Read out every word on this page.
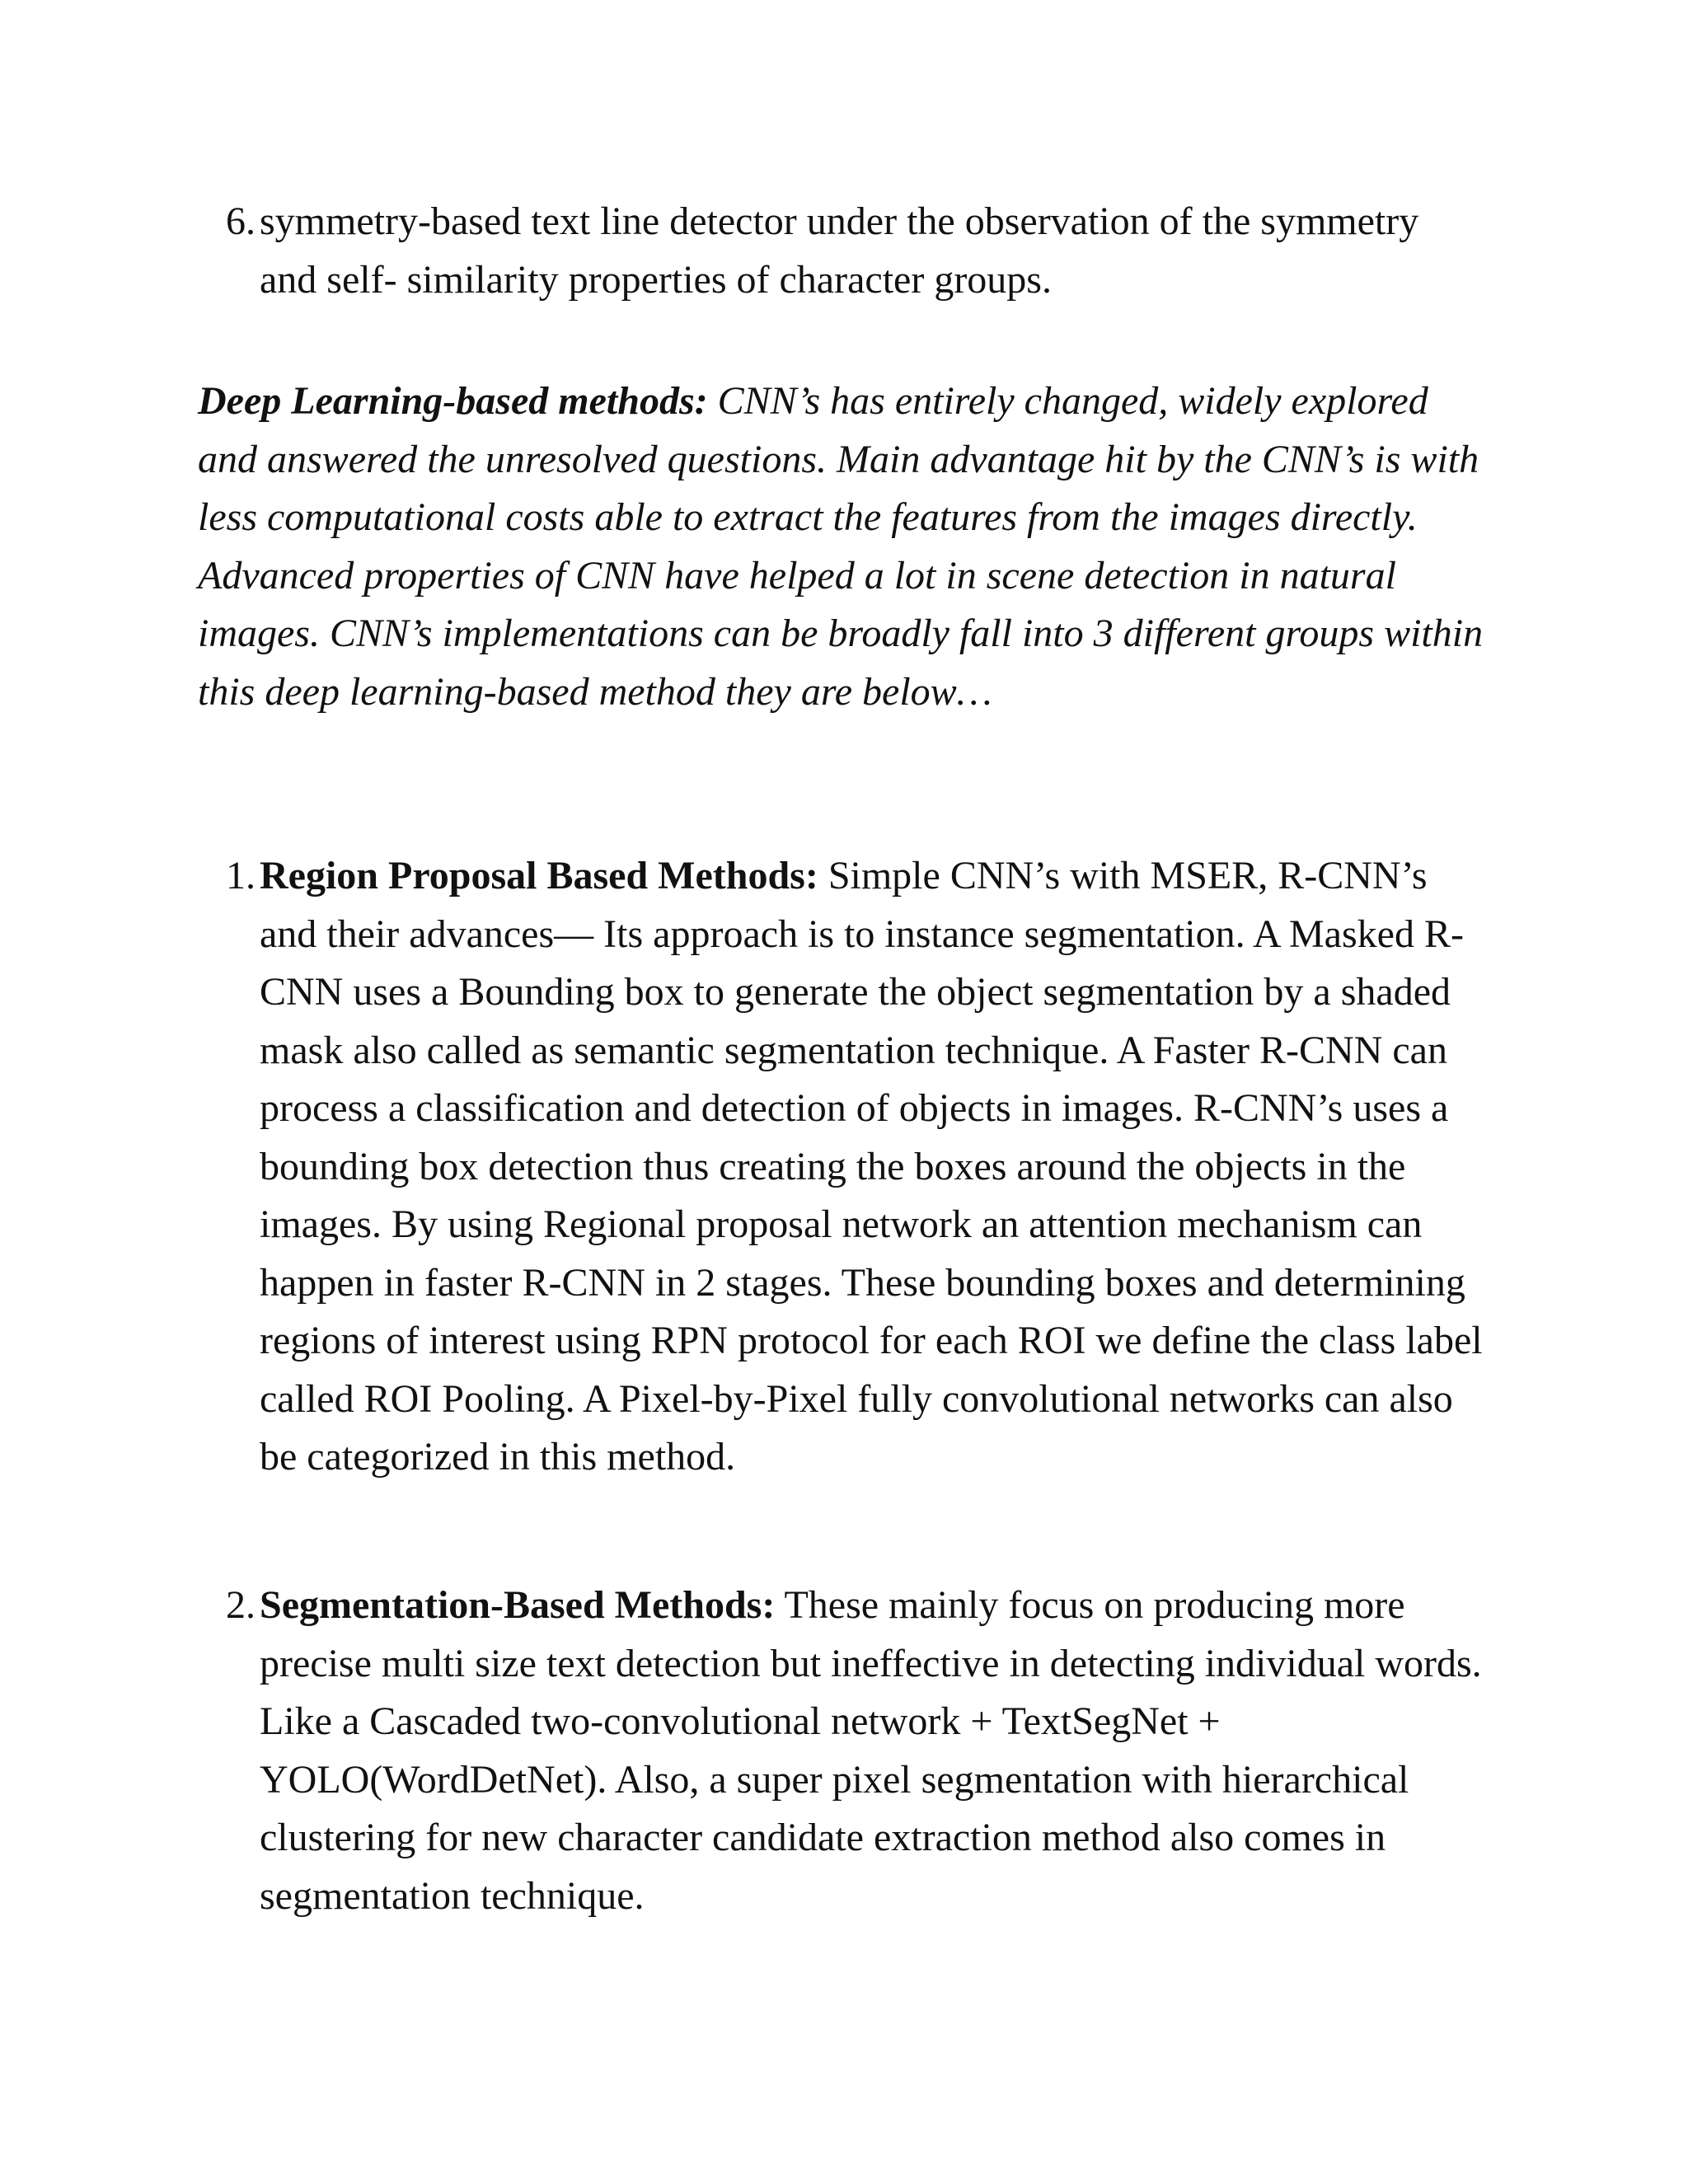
6. symmetry-based text line detector under the observation of the symmetry and self- similarity properties of character groups.
Deep Learning-based methods: CNN’s has entirely changed, widely explored and answered the unresolved questions. Main advantage hit by the CNN’s is with less computational costs able to extract the features from the images directly. Advanced properties of CNN have helped a lot in scene detection in natural images. CNN’s implementations can be broadly fall into 3 different groups within this deep learning-based method they are below…
1. Region Proposal Based Methods: Simple CNN’s with MSER, R-CNN’s and their advances— Its approach is to instance segmentation. A Masked R-CNN uses a Bounding box to generate the object segmentation by a shaded mask also called as semantic segmentation technique. A Faster R-CNN can process a classification and detection of objects in images. R-CNN’s uses a bounding box detection thus creating the boxes around the objects in the images. By using Regional proposal network an attention mechanism can happen in faster R-CNN in 2 stages. These bounding boxes and determining regions of interest using RPN protocol for each ROI we define the class label called ROI Pooling. A Pixel-by-Pixel fully convolutional networks can also be categorized in this method.
2. Segmentation-Based Methods: These mainly focus on producing more precise multi size text detection but ineffective in detecting individual words. Like a Cascaded two-convolutional network + TextSegNet + YOLO(WordDetNet). Also, a super pixel segmentation with hierarchical clustering for new character candidate extraction method also comes in segmentation technique.
